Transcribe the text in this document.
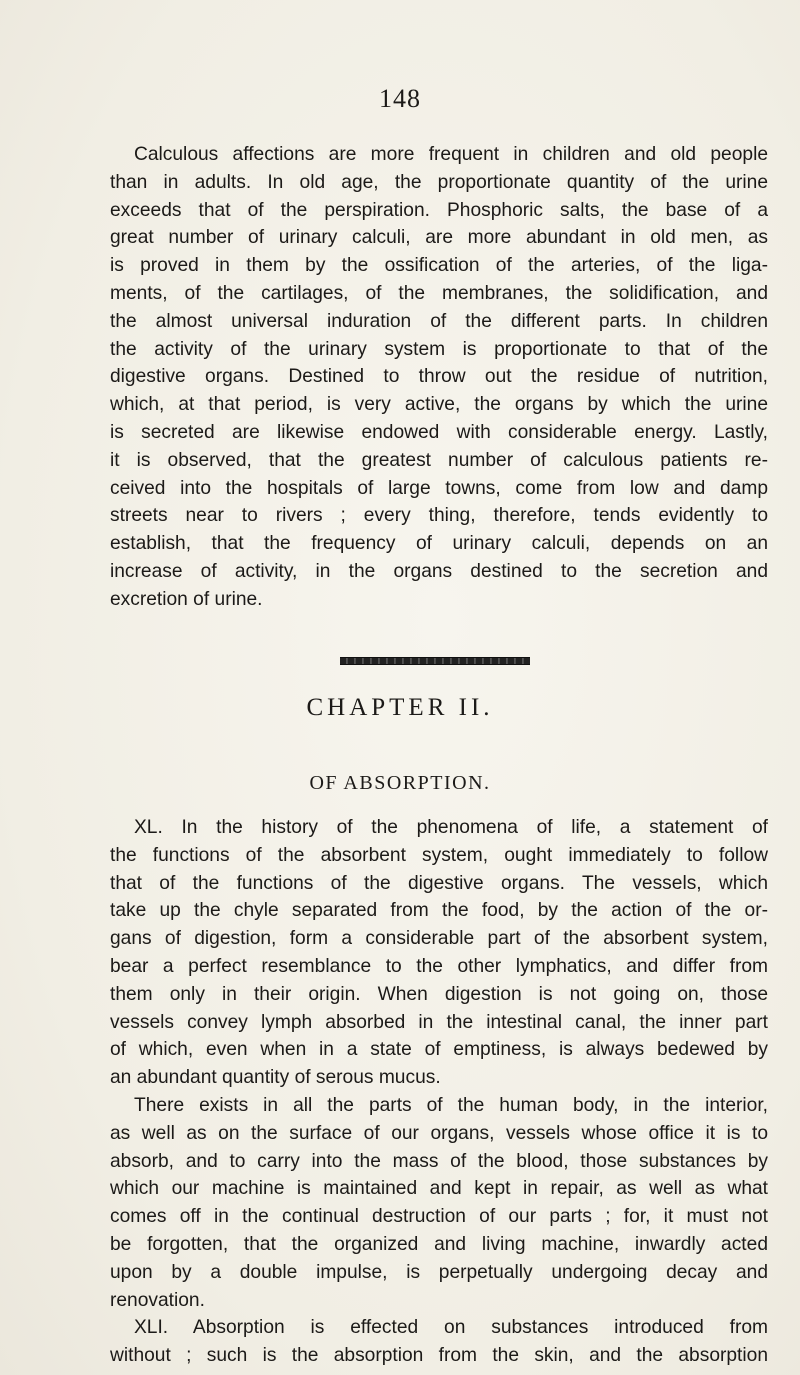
148
Calculous affections are more frequent in children and old people
than in adults. In old age, the proportionate quantity of the urine
exceeds that of the perspiration. Phosphoric salts, the base of a
great number of urinary calculi, are more abundant in old men, as
is proved in them by the ossification of the arteries, of the liga-
ments, of the cartilages, of the membranes, the solidification, and
the almost universal induration of the different parts. In children
the activity of the urinary system is proportionate to that of the
digestive organs. Destined to throw out the residue of nutrition,
which, at that period, is very active, the organs by which the urine
is secreted are likewise endowed with considerable energy. Lastly,
it is observed, that the greatest number of calculous patients re-
ceived into the hospitals of large towns, come from low and damp
streets near to rivers ; every thing, therefore, tends evidently to
establish, that the frequency of urinary calculi, depends on an
increase of activity, in the organs destined to the secretion and
excretion of urine.
CHAPTER II.
OF ABSORPTION.
XL. In the history of the phenomena of life, a statement of
the functions of the absorbent system, ought immediately to follow
that of the functions of the digestive organs. The vessels, which
take up the chyle separated from the food, by the action of the or-
gans of digestion, form a considerable part of the absorbent system,
bear a perfect resemblance to the other lymphatics, and differ from
them only in their origin. When digestion is not going on, those
vessels convey lymph absorbed in the intestinal canal, the inner part
of which, even when in a state of emptiness, is always bedewed by
an abundant quantity of serous mucus.
There exists in all the parts of the human body, in the interior,
as well as on the surface of our organs, vessels whose office it is to
absorb, and to carry into the mass of the blood, those substances by
which our machine is maintained and kept in repair, as well as what
comes off in the continual destruction of our parts ; for, it must not
be forgotten, that the organized and living machine, inwardly acted
upon by a double impulse, is perpetually undergoing decay and
renovation.
XLI. Absorption is effected on substances introduced from
without ; such is the absorption from the skin, and the absorption
